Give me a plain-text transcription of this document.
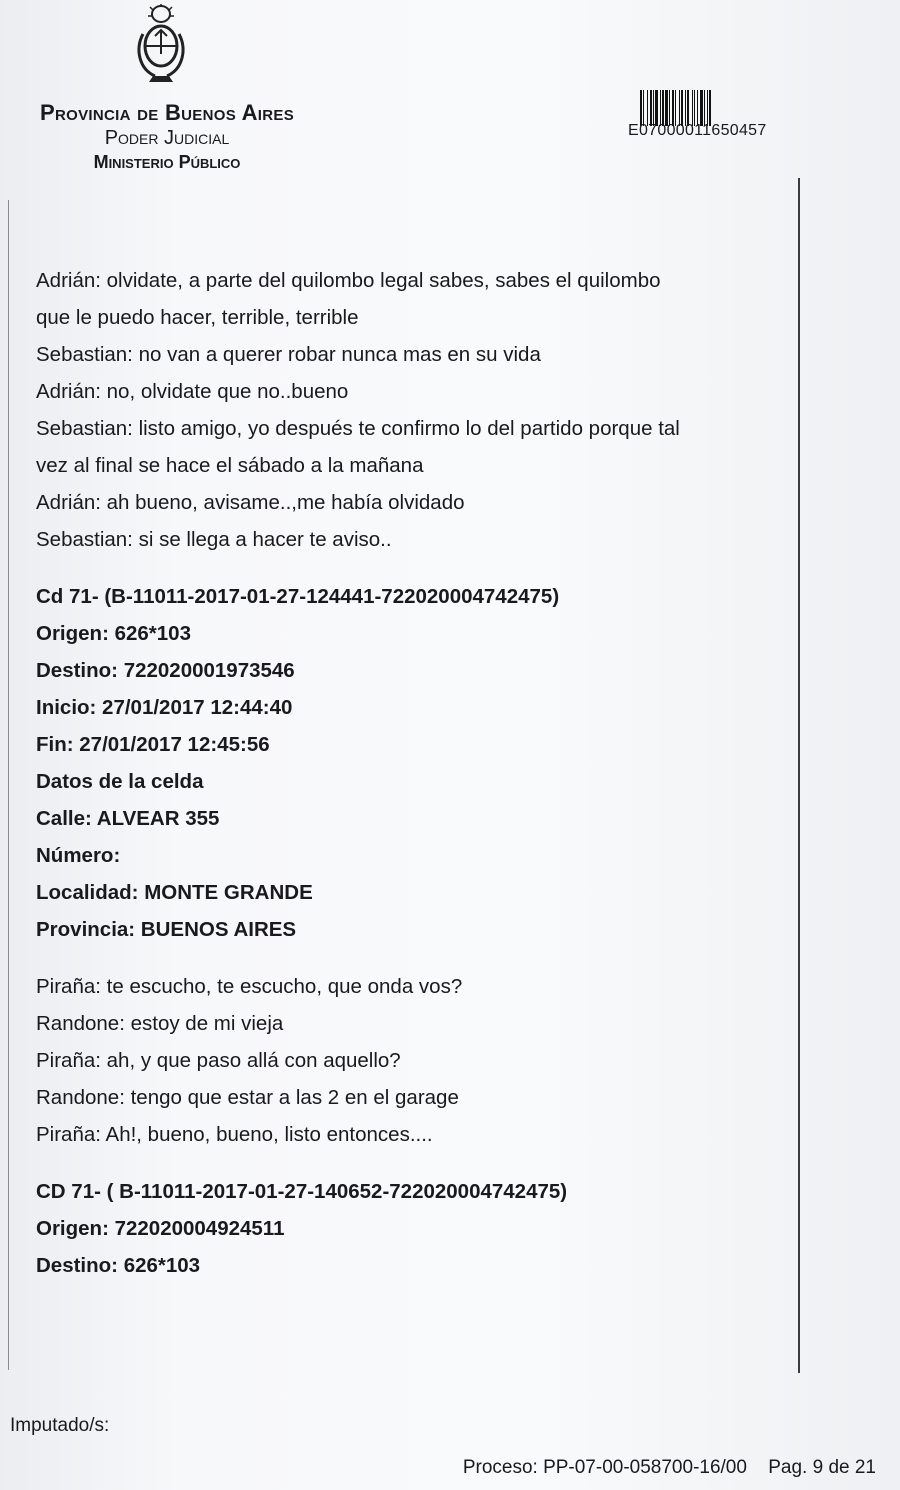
Provincia de Buenos Aires
Poder Judicial
Ministerio Público
E07000011650457
Adrián: olvidate, a parte del quilombo legal sabes, sabes el quilombo
que le puedo hacer, terrible, terrible
Sebastian: no van a querer robar nunca mas en su vida
Adrián: no, olvidate que no..bueno
Sebastian: listo amigo, yo después te confirmo lo del partido porque tal
vez al final se hace el sábado a la mañana
Adrián: ah bueno, avisame..,me había olvidado
Sebastian: si se llega a hacer te aviso..
Cd 71- (B-11011-2017-01-27-124441-722020004742475)
Origen: 626*103
Destino: 722020001973546
Inicio: 27/01/2017 12:44:40
Fin: 27/01/2017 12:45:56
Datos de la celda
Calle: ALVEAR 355
Número:
Localidad: MONTE GRANDE
Provincia: BUENOS AIRES
Piraña: te escucho, te escucho, que onda vos?
Randone: estoy de mi vieja
Piraña: ah, y que paso allá con aquello?
Randone: tengo que estar a las 2 en el garage
Piraña: Ah!, bueno, bueno, listo entonces....
CD 71- ( B-11011-2017-01-27-140652-722020004742475)
Origen: 722020004924511
Destino: 626*103
Imputado/s:
Proceso: PP-07-00-058700-16/00 Pag. 9 de 21
